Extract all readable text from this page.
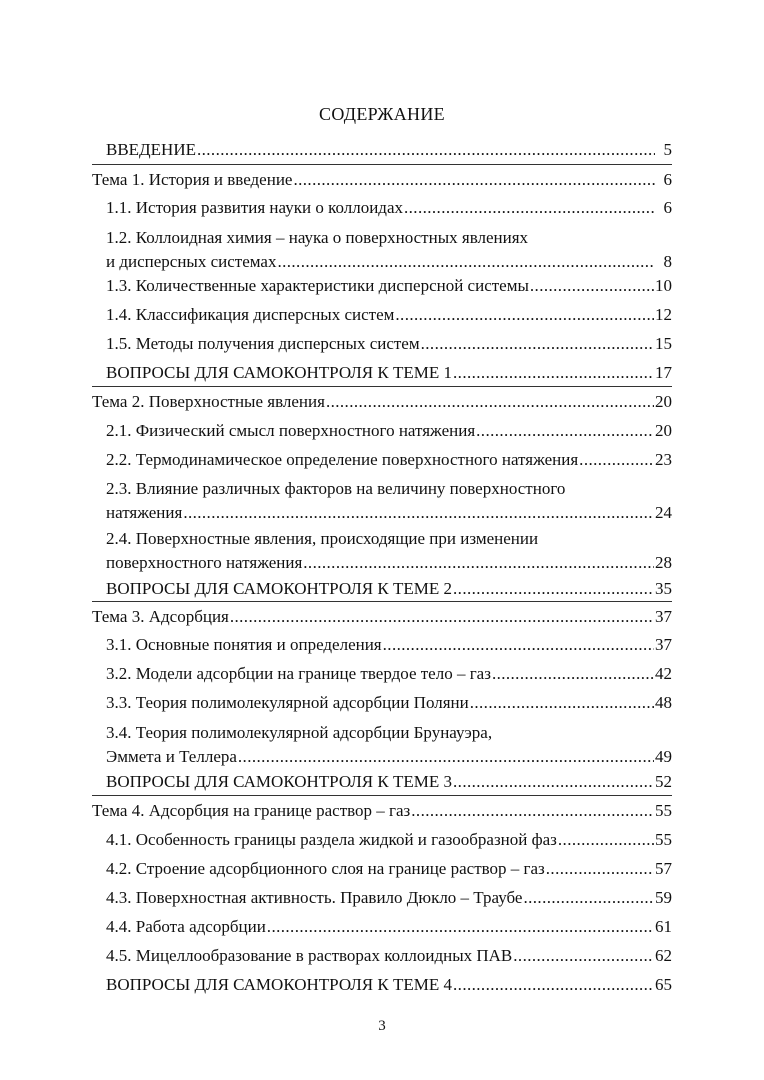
СОДЕРЖАНИЕ
ВВЕДЕНИЕ .....	5
Тема 1. История и введение .....	6
1.1. История развития науки о коллоидах .....	6
1.2. Коллоидная химия – наука о поверхностных явлениях
и дисперсных системах .....	8
1.3. Количественные характеристики дисперсной системы .....	10
1.4. Классификация дисперсных систем .....	12
1.5. Методы получения дисперсных систем .....	15
ВОПРОСЫ ДЛЯ САМОКОНТРОЛЯ К ТЕМЕ 1 .....	17
Тема 2. Поверхностные явления .....	20
2.1. Физический смысл поверхностного натяжения .....	20
2.2. Термодинамическое определение поверхностного натяжения .....	23
2.3. Влияние различных факторов на величину поверхностного
натяжения .....	24
2.4. Поверхностные явления, происходящие при изменении
поверхностного натяжения .....	28
ВОПРОСЫ ДЛЯ САМОКОНТРОЛЯ К ТЕМЕ 2 .....	35
Тема 3. Адсорбция .....	37
3.1. Основные понятия и определения .....	37
3.2. Модели адсорбции на границе твердое тело – газ .....	42
3.3. Теория полимолекулярной адсорбции Поляни .....	48
3.4. Теория полимолекулярной адсорбции Брунауэра,
Эммета и Теллера .....	49
ВОПРОСЫ ДЛЯ САМОКОНТРОЛЯ К ТЕМЕ 3 .....	52
Тема 4. Адсорбция на границе раствор – газ .....	55
4.1. Особенность границы раздела жидкой и газообразной фаз .....	55
4.2. Строение адсорбционного слоя на границе раствор – газ .....	57
4.3. Поверхностная активность. Правило Дюкло – Траубе .....	59
4.4. Работа адсорбции .....	61
4.5. Мицеллообразование в растворах коллоидных ПАВ .....	62
ВОПРОСЫ ДЛЯ САМОКОНТРОЛЯ К ТЕМЕ 4 .....	65
3
